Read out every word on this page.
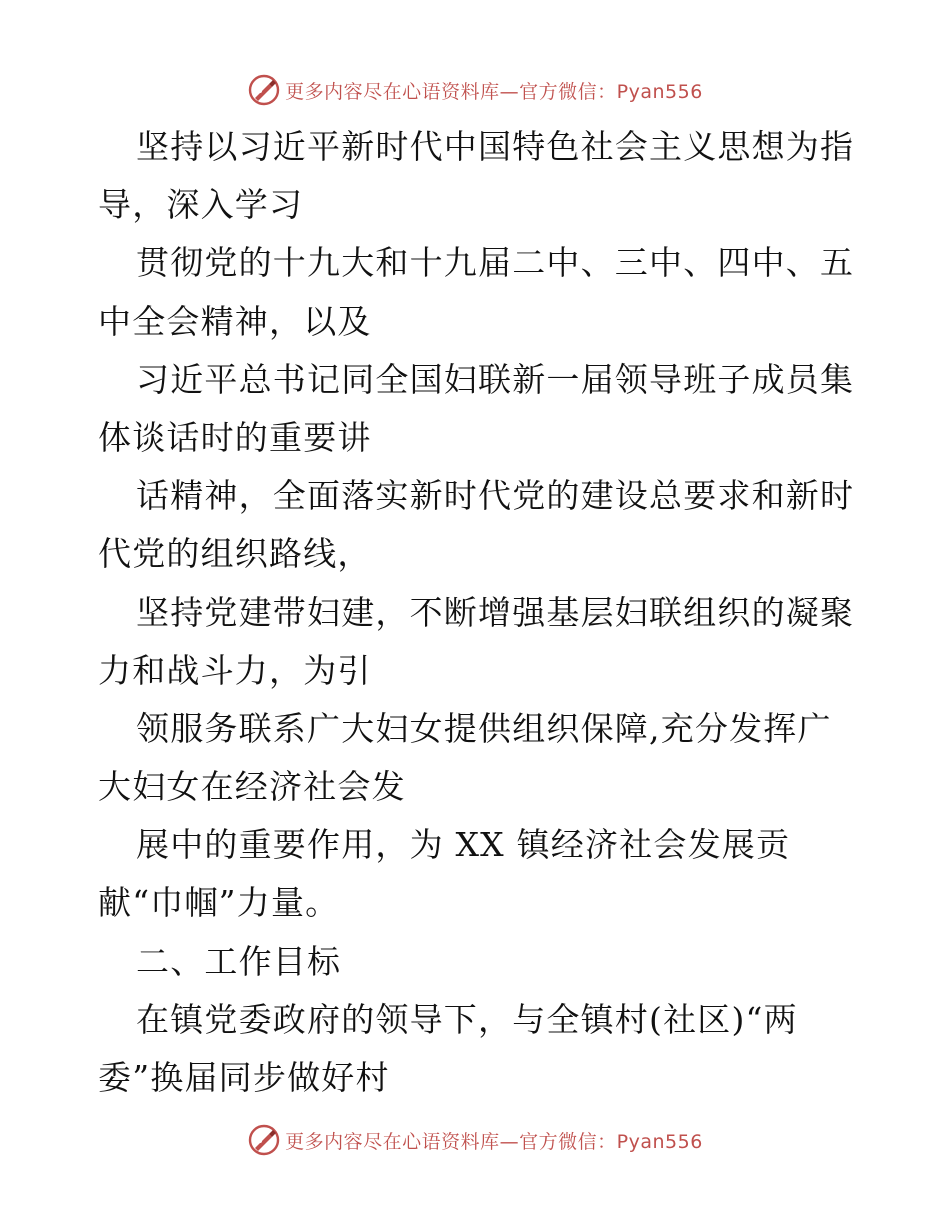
更多内容尽在心语资料库—官方微信：Pyan556
坚持以习近平新时代中国特色社会主义思想为指
导，深入学习
贯彻党的十九大和十九届二中、三中、四中、五
中全会精神，以及
习近平总书记同全国妇联新一届领导班子成员集
体谈话时的重要讲
话精神，全面落实新时代党的建设总要求和新时
代党的组织路线，
坚持党建带妇建，不断增强基层妇联组织的凝聚
力和战斗力，为引
领服务联系广大妇女提供组织保障,充分发挥广
大妇女在经济社会发
展中的重要作用，为 XX 镇经济社会发展贡
献“巾帼”力量。
二、工作目标
在镇党委政府的领导下，与全镇村(社区)“两
委”换届同步做好村
更多内容尽在心语资料库—官方微信：Pyan556
